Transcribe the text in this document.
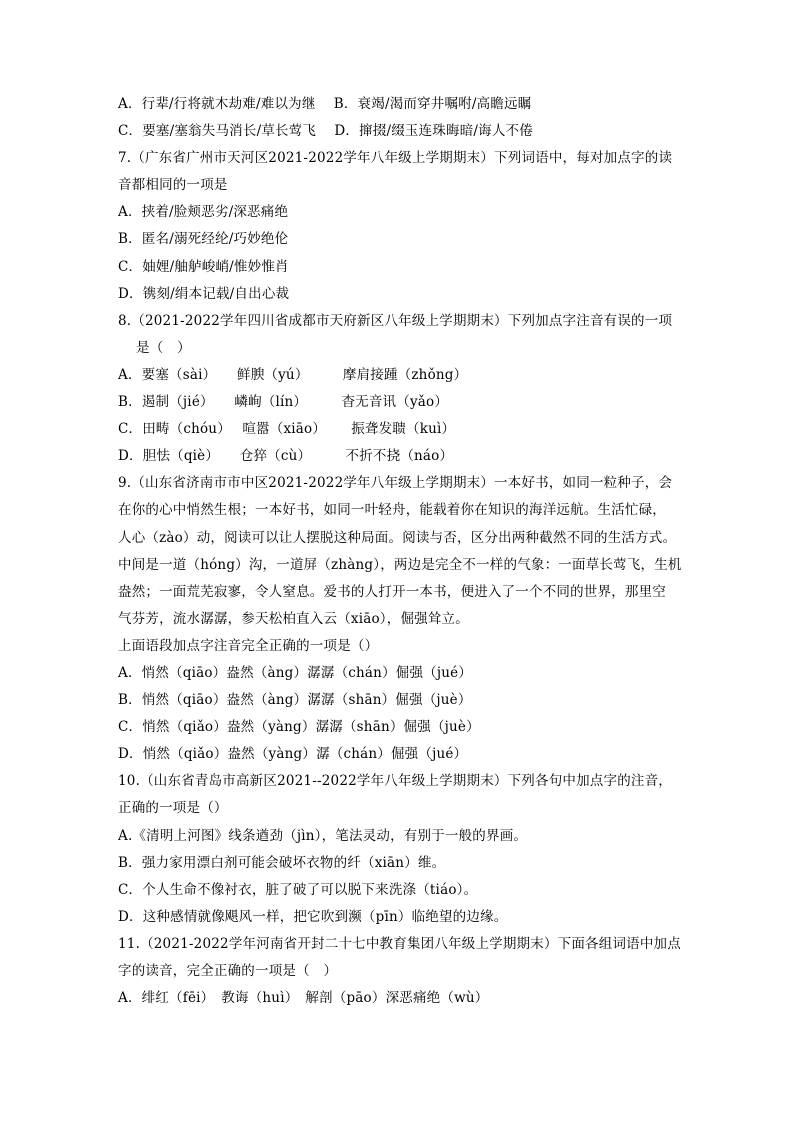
A．行辈/行将就木劫难/难以为继　 B．衰竭/渴而穿井嘱咐/高瞻远瞩
C．要塞/塞翁失马消长/草长莺飞　 D．撺掇/缀玉连珠晦暗/诲人不倦
7.（广东省广州市天河区2021-2022学年八年级上学期期末）下列词语中，每对加点字的读
音都相同的一项是
A．挟着/脸颊恶劣/深恶痛绝
B．匿名/溺死经纶/巧妙绝伦
C．妯娌/舳舻峻峭/惟妙惟肖
D．镌刻/绢本记载/自出心裁
8.（2021-2022学年四川省成都市天府新区八年级上学期期末）下列加点字注音有误的一项
是（　）
A．要塞（sài）　　鲜腴（yú）　　　摩肩接踵（zhǒng）
B．遏制（jié）　　嶙峋（lín）　　　杳无音讯（yǎo）
C．田畴（chóu）　 喧嚣（xiāo）　　 振聋发聩（kuì）
D．胆怯（qiè）　　仓猝（cù）　　　不折不挠（náo）
9.（山东省济南市市中区2021-2022学年八年级上学期期末）一本好书，如同一粒种子，会
在你的心中悄然生根；一本好书，如同一叶轻舟，能载着你在知识的海洋远航。生活忙碌，
人心（zào）动，阅读可以让人摆脱这种局面。阅读与否，区分出两种截然不同的生活方式。
中间是一道（hóng）沟，一道屏（zhàng），两边是完全不一样的气象：一面草长莺飞，生机
盎然；一面荒芜寂寥，令人窒息。爱书的人打开一本书，便进入了一个不同的世界，那里空
气芬芳，流水潺潺，参天松柏直入云（xiāo），倔强耸立。
上面语段加点字注音完全正确的一项是（）
A．悄然（qiāo）盎然（àng）潺潺（chán）倔强（jué）
B．悄然（qiāo）盎然（àng）潺潺（shān）倔强（juè）
C．悄然（qiǎo）盎然（yàng）潺潺（shān）倔强（juè）
D．悄然（qiǎo）盎然（yàng）潺（chán）倔强（jué）
10.（山东省青岛市高新区2021--2022学年八年级上学期期末）下列各句中加点字的注音，
正确的一项是（）
A.《清明上河图》线条遒劲（jìn），笔法灵动，有别于一般的界画。
B．强力家用漂白剂可能会破坏衣物的纤（xiān）维。
C．个人生命不像衬衣，脏了破了可以脱下来洗涤（tiáo）。
D．这种感情就像飓风一样，把它吹到濒（pīn）临绝望的边缘。
11.（2021-2022学年河南省开封二十七中教育集团八年级上学期期末）下面各组词语中加点
字的读音，完全正确的一项是（　）
A．绯红（fēi）　教诲（huì）　解剖（pāo）深恶痛绝（wù）
